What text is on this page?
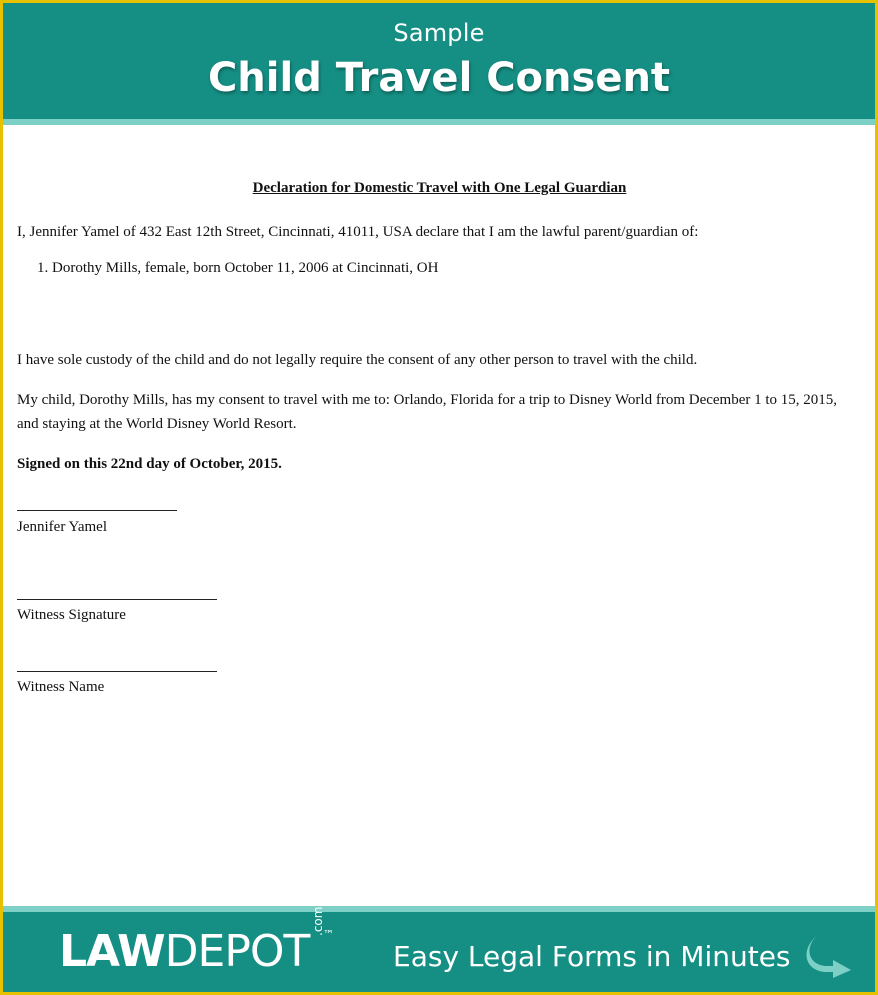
Sample
Child Travel Consent
Declaration for Domestic Travel with One Legal Guardian
I, Jennifer Yamel of 432 East 12th Street, Cincinnati, 41011, USA declare that I am the lawful parent/guardian of:
1. Dorothy Mills, female, born October 11, 2006 at Cincinnati, OH
I have sole custody of the child and do not legally require the consent of any other person to travel with the child.
My child, Dorothy Mills, has my consent to travel with me to: Orlando, Florida for a trip to Disney World from December 1 to 15, 2015, and staying at the World Disney World Resort.
Signed on this 22nd day of October, 2015.
Jennifer Yamel
Witness Signature
Witness Name
LAWDEPOT
.com
™
Easy Legal Forms in Minutes
